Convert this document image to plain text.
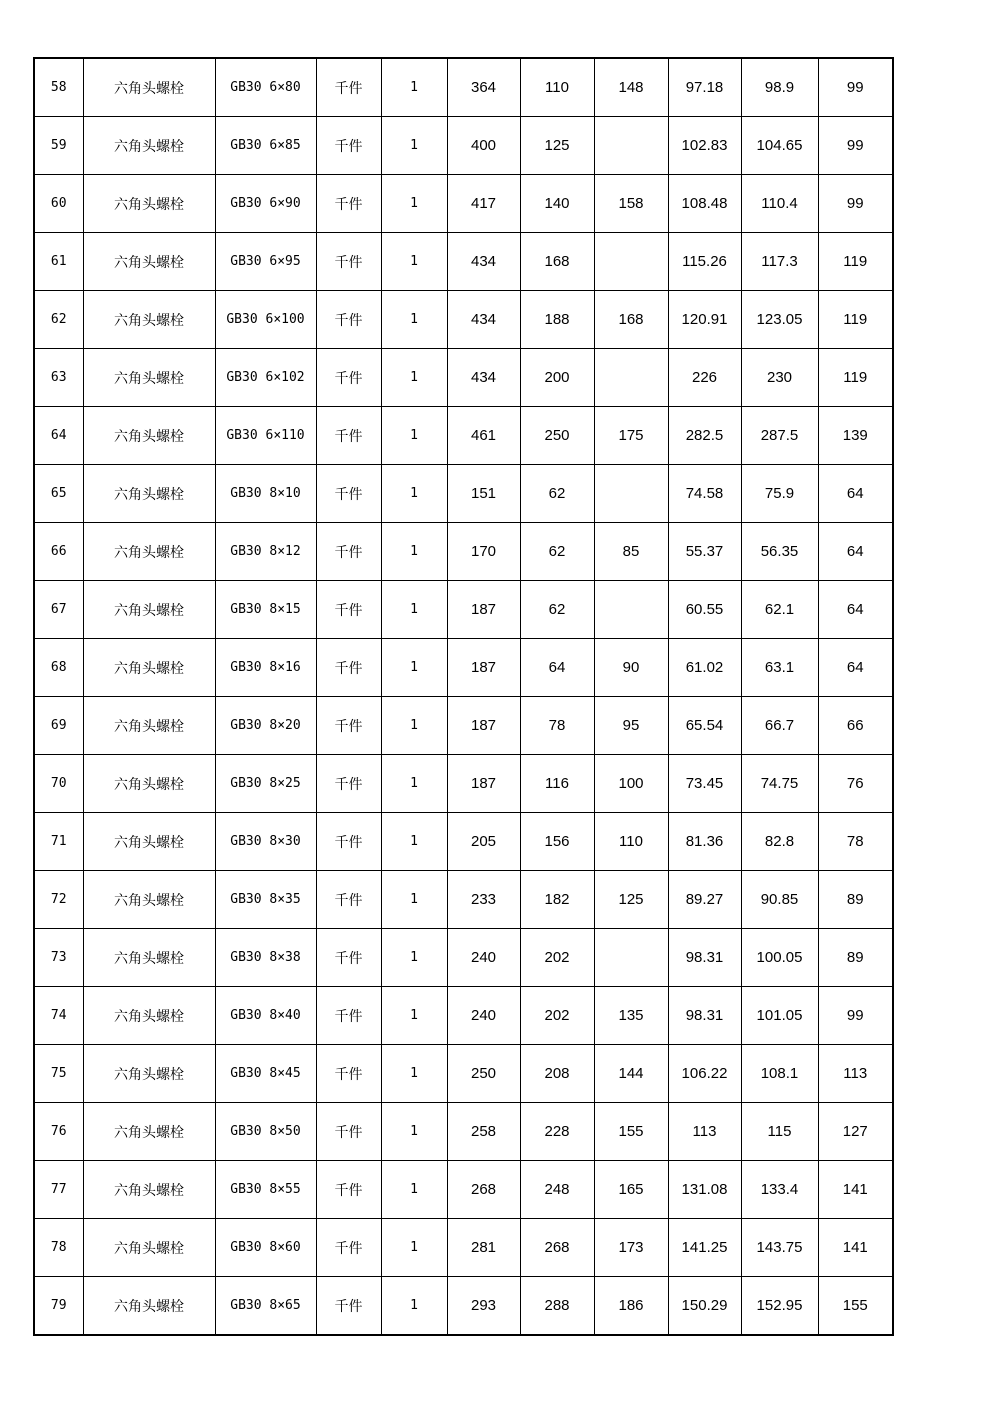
58	六角头螺栓	GB30 6×80	千件	1	364	110	148	97.18	98.9	99
59	六角头螺栓	GB30 6×85	千件	1	400	125		102.83	104.65	99
60	六角头螺栓	GB30 6×90	千件	1	417	140	158	108.48	110.4	99
61	六角头螺栓	GB30 6×95	千件	1	434	168		115.26	117.3	119
62	六角头螺栓	GB30 6×100	千件	1	434	188	168	120.91	123.05	119
63	六角头螺栓	GB30 6×102	千件	1	434	200		226	230	119
64	六角头螺栓	GB30 6×110	千件	1	461	250	175	282.5	287.5	139
65	六角头螺栓	GB30 8×10	千件	1	151	62		74.58	75.9	64
66	六角头螺栓	GB30 8×12	千件	1	170	62	85	55.37	56.35	64
67	六角头螺栓	GB30 8×15	千件	1	187	62		60.55	62.1	64
68	六角头螺栓	GB30 8×16	千件	1	187	64	90	61.02	63.1	64
69	六角头螺栓	GB30 8×20	千件	1	187	78	95	65.54	66.7	66
70	六角头螺栓	GB30 8×25	千件	1	187	116	100	73.45	74.75	76
71	六角头螺栓	GB30 8×30	千件	1	205	156	110	81.36	82.8	78
72	六角头螺栓	GB30 8×35	千件	1	233	182	125	89.27	90.85	89
73	六角头螺栓	GB30 8×38	千件	1	240	202		98.31	100.05	89
74	六角头螺栓	GB30 8×40	千件	1	240	202	135	98.31	101.05	99
75	六角头螺栓	GB30 8×45	千件	1	250	208	144	106.22	108.1	113
76	六角头螺栓	GB30 8×50	千件	1	258	228	155	113	115	127
77	六角头螺栓	GB30 8×55	千件	1	268	248	165	131.08	133.4	141
78	六角头螺栓	GB30 8×60	千件	1	281	268	173	141.25	143.75	141
79	六角头螺栓	GB30 8×65	千件	1	293	288	186	150.29	152.95	155
